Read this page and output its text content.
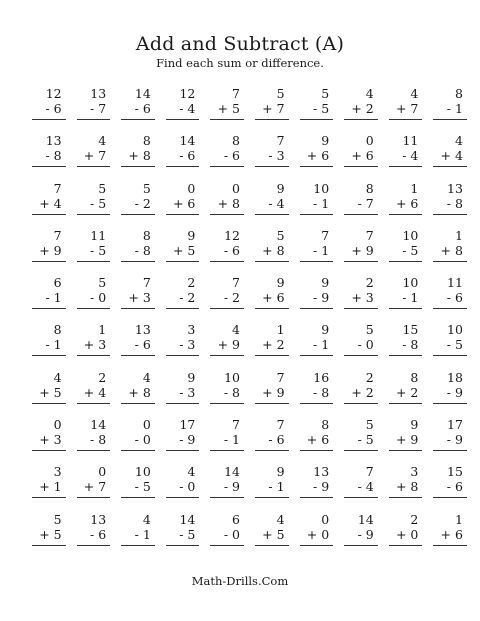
Add and Subtract (A)
Find each sum or difference.
12
- 6
13
- 7
14
- 6
12
- 4
7
+ 5
5
+ 7
5
- 5
4
+ 2
4
+ 7
8
- 1
13
- 8
4
+ 7
8
+ 8
14
- 6
8
- 6
7
- 3
9
+ 6
0
+ 6
11
- 4
4
+ 4
7
+ 4
5
- 5
5
- 2
0
+ 6
0
+ 8
9
- 4
10
- 1
8
- 7
1
+ 6
13
- 8
7
+ 9
11
- 5
8
- 8
9
+ 5
12
- 6
5
+ 8
7
- 1
7
+ 9
10
- 5
1
+ 8
6
- 1
5
- 0
7
+ 3
2
- 2
7
- 2
9
+ 6
9
- 9
2
+ 3
10
- 1
11
- 6
8
- 1
1
+ 3
13
- 6
3
- 3
4
+ 9
1
+ 2
9
- 1
5
- 0
15
- 8
10
- 5
4
+ 5
2
+ 4
4
+ 8
9
- 3
10
- 8
7
+ 9
16
- 8
2
+ 2
8
+ 2
18
- 9
0
+ 3
14
- 8
0
- 0
17
- 9
7
- 1
7
- 6
8
+ 6
5
- 5
9
+ 9
17
- 9
3
+ 1
0
+ 7
10
- 5
4
- 0
14
- 9
9
- 1
13
- 9
7
- 4
3
+ 8
15
- 6
5
+ 5
13
- 6
4
- 1
14
- 5
6
- 0
4
+ 5
0
+ 0
14
- 9
2
+ 0
1
+ 6
Math-Drills.Com
